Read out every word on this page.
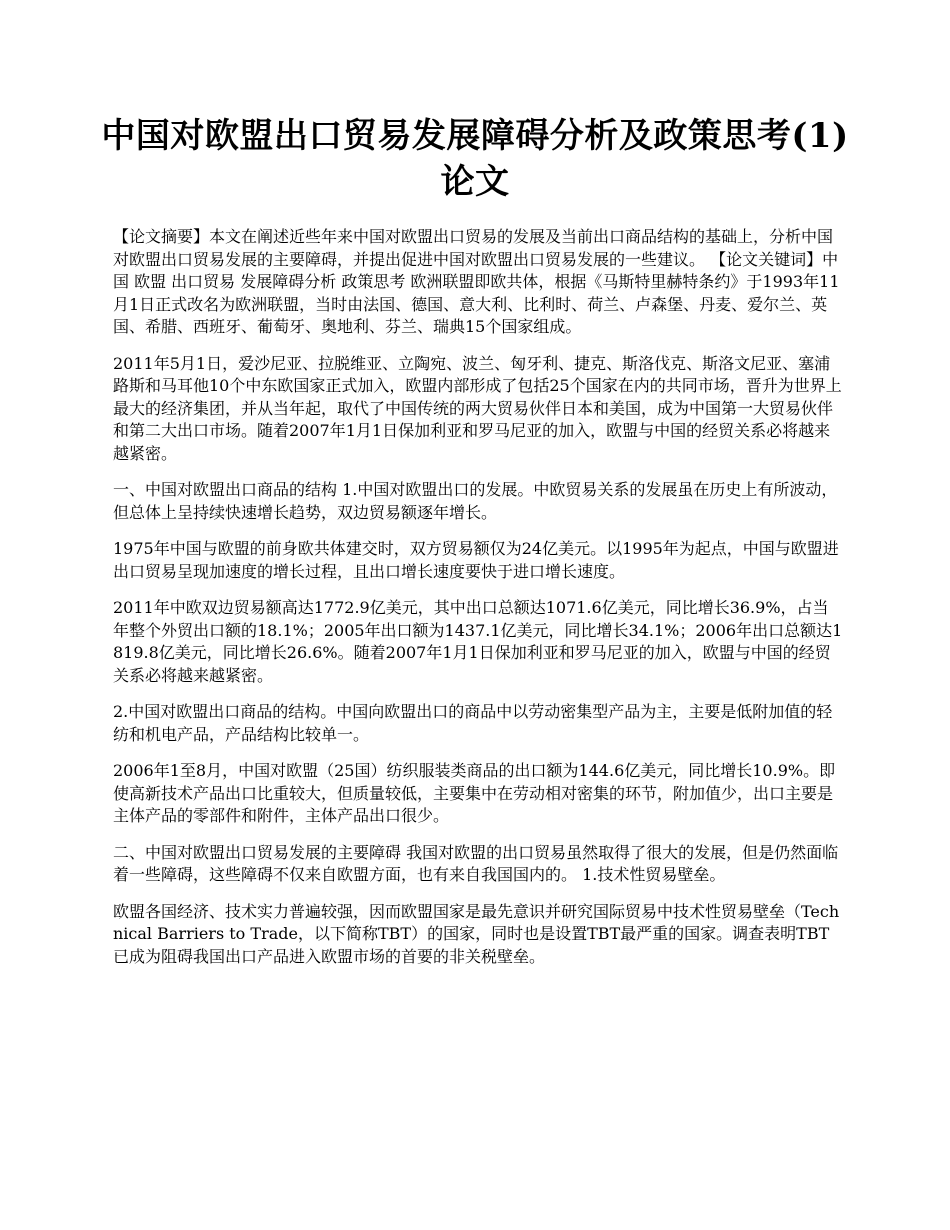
中国对欧盟出口贸易发展障碍分析及政策思考(1)论文

【论文摘要】本文在阐述近些年来中国对欧盟出口贸易的发展及当前出口商品结构的基础上，分析中国对欧盟出口贸易发展的主要障碍，并提出促进中国对欧盟出口贸易发展的一些建议。 【论文关键词】中国 欧盟 出口贸易 发展障碍分析 政策思考 欧洲联盟即欧共体，根据《马斯特里赫特条约》于1993年11月1日正式改名为欧洲联盟，当时由法国、德国、意大利、比利时、荷兰、卢森堡、丹麦、爱尔兰、英国、希腊、西班牙、葡萄牙、奥地利、芬兰、瑞典15个国家组成。

2011年5月1日，爱沙尼亚、拉脱维亚、立陶宛、波兰、匈牙利、捷克、斯洛伐克、斯洛文尼亚、塞浦路斯和马耳他10个中东欧国家正式加入，欧盟内部形成了包括25个国家在内的共同市场，晋升为世界上最大的经济集团，并从当年起，取代了中国传统的两大贸易伙伴日本和美国，成为中国第一大贸易伙伴和第二大出口市场。随着2007年1月1日保加利亚和罗马尼亚的加入，欧盟与中国的经贸关系必将越来越紧密。

一、中国对欧盟出口商品的结构 1.中国对欧盟出口的发展。中欧贸易关系的发展虽在历史上有所波动，但总体上呈持续快速增长趋势，双边贸易额逐年增长。

1975年中国与欧盟的前身欧共体建交时，双方贸易额仅为24亿美元。以1995年为起点，中国与欧盟进出口贸易呈现加速度的增长过程，且出口增长速度要快于进口增长速度。

2011年中欧双边贸易额高达1772.9亿美元，其中出口总额达1071.6亿美元，同比增长36.9%，占当年整个外贸出口额的18.1%；2005年出口额为1437.1亿美元，同比增长34.1%；2006年出口总额达1819.8亿美元，同比增长26.6%。随着2007年1月1日保加利亚和罗马尼亚的加入，欧盟与中国的经贸关系必将越来越紧密。

2.中国对欧盟出口商品的结构。中国向欧盟出口的商品中以劳动密集型产品为主，主要是低附加值的轻纺和机电产品，产品结构比较单一。

2006年1至8月，中国对欧盟（25国）纺织服装类商品的出口额为144.6亿美元，同比增长10.9%。即使高新技术产品出口比重较大，但质量较低，主要集中在劳动相对密集的环节，附加值少，出口主要是主体产品的零部件和附件，主体产品出口很少。

二、中国对欧盟出口贸易发展的主要障碍 我国对欧盟的出口贸易虽然取得了很大的发展，但是仍然面临着一些障碍，这些障碍不仅来自欧盟方面，也有来自我国国内的。 1.技术性贸易壁垒。

欧盟各国经济、技术实力普遍较强，因而欧盟国家是最先意识并研究国际贸易中技术性贸易壁垒（Technical Barriers to Trade，以下简称TBT）的国家，同时也是设置TBT最严重的国家。调查表明TBT已成为阻碍我国出口产品进入欧盟市场的首要的非关税壁垒。
